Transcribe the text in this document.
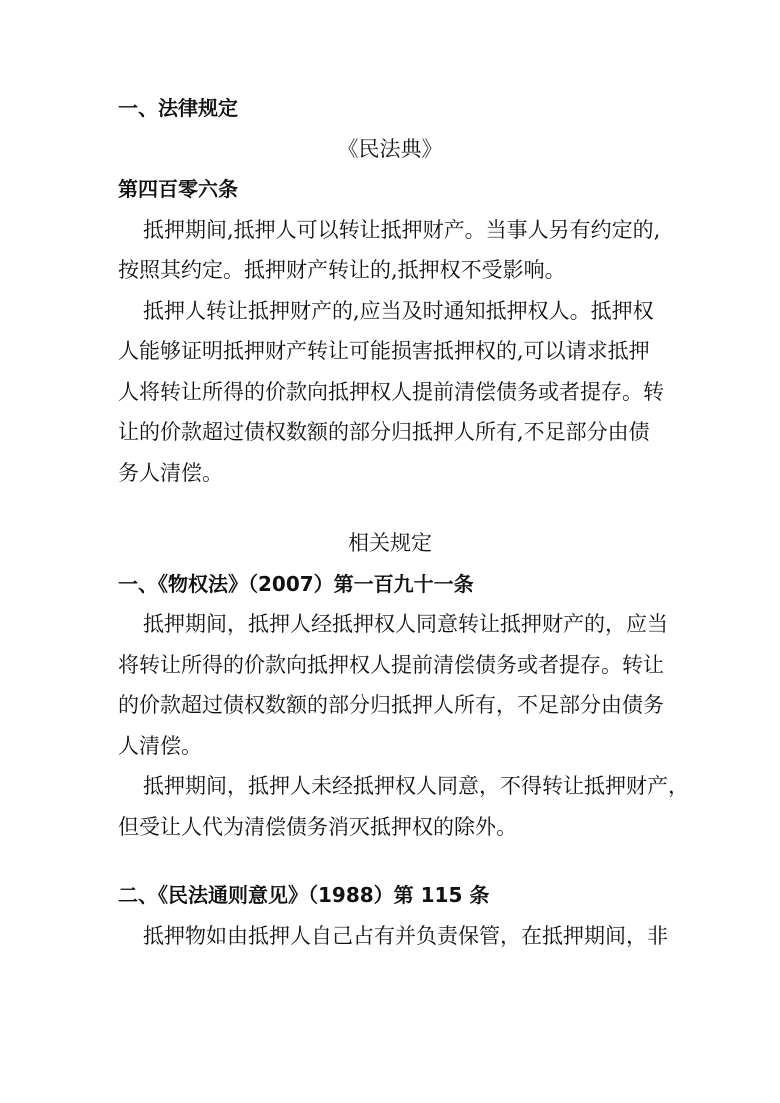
一、法律规定

《民法典》

第四百零六条

抵押期间,抵押人可以转让抵押财产。当事人另有约定的,

按照其约定。抵押财产转让的,抵押权不受影响。

抵押人转让抵押财产的,应当及时通知抵押权人。抵押权

人能够证明抵押财产转让可能损害抵押权的,可以请求抵押

人将转让所得的价款向抵押权人提前清偿债务或者提存。转

让的价款超过债权数额的部分归抵押人所有,不足部分由债

务人清偿。

相关规定

一、《物权法》（2007）第一百九十一条

抵押期间，抵押人经抵押权人同意转让抵押财产的，应当

将转让所得的价款向抵押权人提前清偿债务或者提存。转让

的价款超过债权数额的部分归抵押人所有，不足部分由债务

人清偿。

抵押期间，抵押人未经抵押权人同意，不得转让抵押财产，

但受让人代为清偿债务消灭抵押权的除外。

二、《民法通则意见》（1988）第 115 条

抵押物如由抵押人自己占有并负责保管，在抵押期间，非
